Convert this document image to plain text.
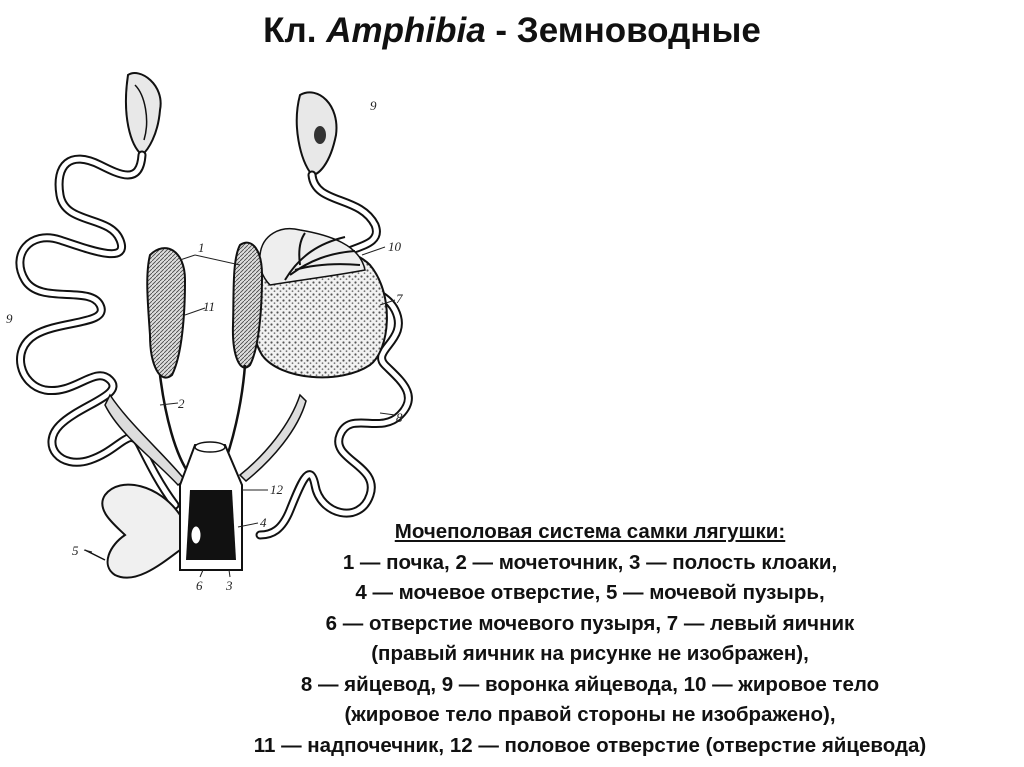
Кл. Amphibia - Земноводные
1
11
9
2
9
10
7
8
12
4
5
6 3
Мочеполовая система самки лягушки:
1 — почка, 2 — мочеточник, 3 — полость клоаки,
4 — мочевое отверстие, 5 — мочевой пузырь,
6 — отверстие мочевого пузыря, 7 — левый яичник
(правый яичник на рисунке не изображен),
8 — яйцевод, 9 — воронка яйцевода, 10 — жировое тело
(жировое тело правой стороны не изображено),
11 — надпочечник, 12 — половое отверстие (отверстие яйцевода)
